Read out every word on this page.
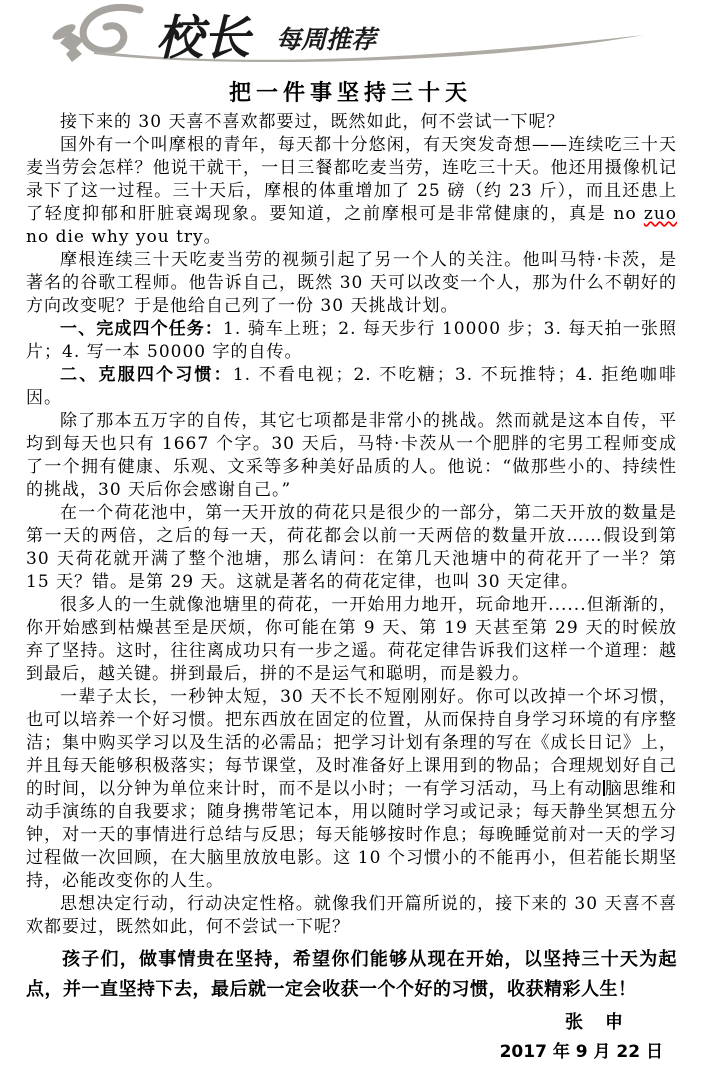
校长 每周推荐
把一件事坚持三十天

接下来的 30 天喜不喜欢都要过，既然如此，何不尝试一下呢？

国外有一个叫摩根的青年，每天都十分悠闲，有天突发奇想——连续吃三十天麦当劳会怎样？他说干就干，一日三餐都吃麦当劳，连吃三十天。他还用摄像机记录下了这一过程。三十天后，摩根的体重增加了 25 磅（约 23 斤），而且还患上了轻度抑郁和肝脏衰竭现象。要知道，之前摩根可是非常健康的，真是 no zuo no die why you try。

摩根连续三十天吃麦当劳的视频引起了另一个人的关注。他叫马特·卡茨，是著名的谷歌工程师。他告诉自己，既然 30 天可以改变一个人，那为什么不朝好的方向改变呢？于是他给自己列了一份 30 天挑战计划。

一、完成四个任务：1. 骑车上班；2. 每天步行 10000 步；3. 每天拍一张照片；4. 写一本 50000 字的自传。

二、克服四个习惯：1. 不看电视；2. 不吃糖；3. 不玩推特；4. 拒绝咖啡因。

除了那本五万字的自传，其它七项都是非常小的挑战。然而就是这本自传，平均到每天也只有 1667 个字。30 天后，马特·卡茨从一个肥胖的宅男工程师变成了一个拥有健康、乐观、文采等多种美好品质的人。他说：“做那些小的、持续性的挑战，30 天后你会感谢自己。”

在一个荷花池中，第一天开放的荷花只是很少的一部分，第二天开放的数量是第一天的两倍，之后的每一天，荷花都会以前一天两倍的数量开放……假设到第 30 天荷花就开满了整个池塘，那么请问：在第几天池塘中的荷花开了一半？第 15 天？错。是第 29 天。这就是著名的荷花定律，也叫 30 天定律。

很多人的一生就像池塘里的荷花，一开始用力地开，玩命地开......但渐渐的，你开始感到枯燥甚至是厌烦，你可能在第 9 天、第 19 天甚至第 29 天的时候放弃了坚持。这时，往往离成功只有一步之遥。荷花定律告诉我们这样一个道理：越到最后，越关键。拼到最后，拼的不是运气和聪明，而是毅力。

一辈子太长，一秒钟太短，30 天不长不短刚刚好。你可以改掉一个坏习惯，也可以培养一个好习惯。把东西放在固定的位置，从而保持自身学习环境的有序整洁；集中购买学习以及生活的必需品；把学习计划有条理的写在《成长日记》上，并且每天能够积极落实；每节课堂，及时准备好上课用到的物品；合理规划好自己的时间，以分钟为单位来计时，而不是以小时；一有学习活动，马上有动 脑思维和动手演练的自我要求；随身携带笔记本，用以随时学习或记录；每天静坐冥想五分钟，对一天的事情进行总结与反思；每天能够按时作息；每晚睡觉前对一天的学习过程做一次回顾，在大脑里放放电影。这 10 个习惯小的不能再小，但若能长期坚持，必能改变你的人生。

思想决定行动，行动决定性格。就像我们开篇所说的，接下来的 30 天喜不喜欢都要过，既然如此，何不尝试一下呢？

孩子们，做事情贵在坚持，希望你们能够从现在开始，以坚持三十天为起点，并一直坚持下去，最后就一定会收获一个个好的习惯，收获精彩人生！

张　申
2017 年 9 月 22 日
